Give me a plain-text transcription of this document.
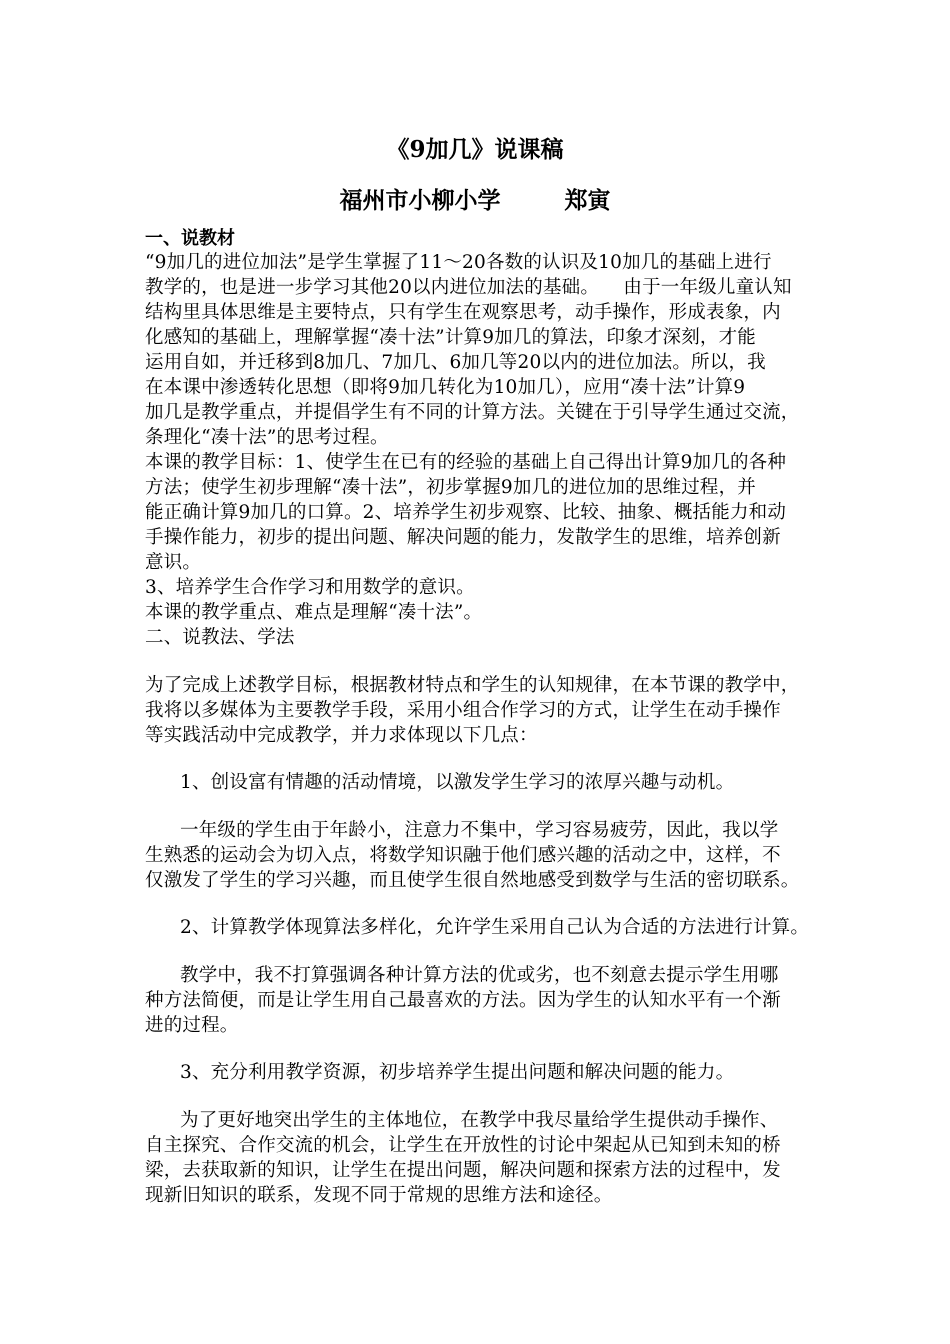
《9加几》说课稿
福州市小柳小学        郑寅
一、说教材
“9加几的进位加法”是学生掌握了11～20各数的认识及10加几的基础上进行
教学的，也是进一步学习其他20以内进位加法的基础。    由于一年级儿童认知
结构里具体思维是主要特点，只有学生在观察思考，动手操作，形成表象，内
化感知的基础上，理解掌握“凑十法”计算9加几的算法，印象才深刻，才能
运用自如，并迁移到8加几、7加几、6加几等20以内的进位加法。所以，我
在本课中渗透转化思想（即将9加几转化为10加几），应用“凑十法”计算9
加几是教学重点，并提倡学生有不同的计算方法。关键在于引导学生通过交流，
条理化“凑十法”的思考过程。
本课的教学目标：1、使学生在已有的经验的基础上自己得出计算9加几的各种
方法；使学生初步理解“凑十法”，初步掌握9加几的进位加的思维过程，并
能正确计算9加几的口算。2、培养学生初步观察、比较、抽象、概括能力和动
手操作能力，初步的提出问题、解决问题的能力，发散学生的思维，培养创新
意识。
3、培养学生合作学习和用数学的意识。
本课的教学重点、难点是理解“凑十法”。
二、说教法、学法
为了完成上述教学目标，根据教材特点和学生的认知规律，在本节课的教学中，
我将以多媒体为主要教学手段，采用小组合作学习的方式，让学生在动手操作
等实践活动中完成教学，并力求体现以下几点：
1、创设富有情趣的活动情境，以激发学生学习的浓厚兴趣与动机。
一年级的学生由于年龄小，注意力不集中，学习容易疲劳，因此，我以学
生熟悉的运动会为切入点，将数学知识融于他们感兴趣的活动之中，这样，不
仅激发了学生的学习兴趣，而且使学生很自然地感受到数学与生活的密切联系。
2、计算教学体现算法多样化，允许学生采用自己认为合适的方法进行计算。
教学中，我不打算强调各种计算方法的优或劣，也不刻意去提示学生用哪
种方法简便，而是让学生用自己最喜欢的方法。因为学生的认知水平有一个渐
进的过程。
3、充分利用教学资源，初步培养学生提出问题和解决问题的能力。
为了更好地突出学生的主体地位，在教学中我尽量给学生提供动手操作、
自主探究、合作交流的机会，让学生在开放性的讨论中架起从已知到未知的桥
梁，去获取新的知识，让学生在提出问题，解决问题和探索方法的过程中，发
现新旧知识的联系，发现不同于常规的思维方法和途径。
